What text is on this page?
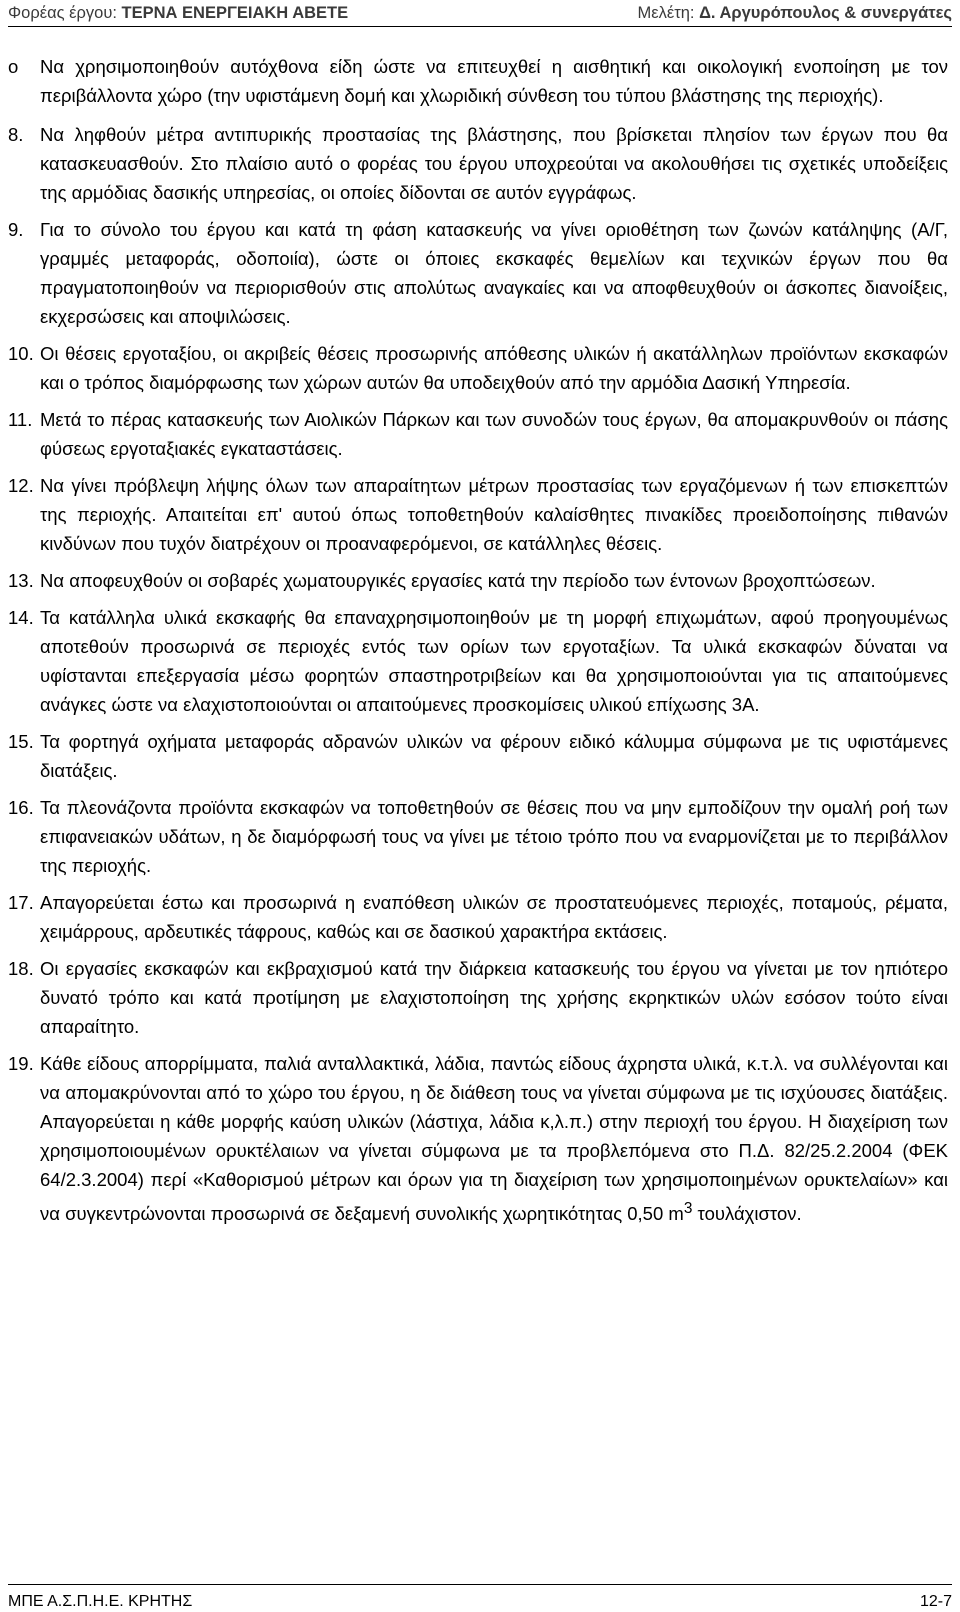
Φορέας έργου: ΤΕΡΝΑ ΕΝΕΡΓΕΙΑΚΗ ΑΒΕΤΕ	Μελέτη: Δ. Αργυρόπουλος & συνεργάτες
o Να χρησιμοποιηθούν αυτόχθονα είδη ώστε να επιτευχθεί η αισθητική και οικολογική ενοποίηση με τον περιβάλλοντα χώρο (την υφιστάμενη δομή και χλωριδική σύνθεση του τύπου βλάστησης της περιοχής).
8. Να ληφθούν μέτρα αντιπυρικής προστασίας της βλάστησης, που βρίσκεται πλησίον των έργων που θα κατασκευασθούν. Στο πλαίσιο αυτό ο φορέας του έργου υποχρεούται να ακολουθήσει τις σχετικές υποδείξεις της αρμόδιας δασικής υπηρεσίας, οι οποίες δίδονται σε αυτόν εγγράφως.
9. Για το σύνολο του έργου και κατά τη φάση κατασκευής να γίνει οριοθέτηση των ζωνών κατάληψης (Α/Γ, γραμμές μεταφοράς, οδοποιία), ώστε οι όποιες εκσκαφές θεμελίων και τεχνικών έργων που θα πραγματοποιηθούν να περιορισθούν στις απολύτως αναγκαίες και να αποφθευχθούν οι άσκοπες διανοίξεις, εκχερσώσεις και αποψιλώσεις.
10. Οι θέσεις εργοταξίου, οι ακριβείς θέσεις προσωρινής απόθεσης υλικών ή ακατάλληλων προϊόντων εκσκαφών και ο τρόπος διαμόρφωσης των χώρων αυτών θα υποδειχθούν από την αρμόδια Δασική Υπηρεσία.
11. Μετά το πέρας κατασκευής των Αιολικών Πάρκων και των συνοδών τους έργων, θα απομακρυνθούν οι πάσης φύσεως εργοταξιακές εγκαταστάσεις.
12. Να γίνει πρόβλεψη λήψης όλων των απαραίτητων μέτρων προστασίας των εργαζόμενων ή των επισκεπτών της περιοχής. Απαιτείται επ' αυτού όπως τοποθετηθούν καλαίσθητες πινακίδες προειδοποίησης πιθανών κινδύνων που τυχόν διατρέχουν οι προαναφερόμενοι, σε κατάλληλες θέσεις.
13. Να αποφευχθούν οι σοβαρές χωματουργικές εργασίες κατά την περίοδο των έντονων βροχοπτώσεων.
14. Τα κατάλληλα υλικά εκσκαφής θα επαναχρησιμοποιηθούν με τη μορφή επιχωμάτων, αφού προηγουμένως αποτεθούν προσωρινά σε περιοχές εντός των ορίων των εργοταξίων. Τα υλικά εκσκαφών δύναται να υφίστανται επεξεργασία μέσω φορητών σπαστηροτριβείων και θα χρησιμοποιούνται για τις απαιτούμενες ανάγκες ώστε να ελαχιστοποιούνται οι απαιτούμενες προσκομίσεις υλικού επίχωσης 3Α.
15. Τα φορτηγά οχήματα μεταφοράς αδρανών υλικών να φέρουν ειδικό κάλυμμα σύμφωνα με τις υφιστάμενες διατάξεις.
16. Τα πλεονάζοντα προϊόντα εκσκαφών να τοποθετηθούν σε θέσεις που να μην εμποδίζουν την ομαλή ροή των επιφανειακών υδάτων, η δε διαμόρφωσή τους να γίνει με τέτοιο τρόπο που να εναρμονίζεται με το περιβάλλον της περιοχής.
17. Απαγορεύεται έστω και προσωρινά η εναπόθεση υλικών σε προστατευόμενες περιοχές, ποταμούς, ρέματα, χειμάρρους, αρδευτικές τάφρους, καθώς και σε δασικού χαρακτήρα εκτάσεις.
18. Οι εργασίες εκσκαφών και εκβραχισμού κατά την διάρκεια κατασκευής του έργου να γίνεται με τον ηπιότερο δυνατό τρόπο και κατά προτίμηση με ελαχιστοποίηση της χρήσης εκρηκτικών υλών εσόσον τούτο είναι απαραίτητο.
19. Κάθε είδους απορρίμματα, παλιά ανταλλακτικά, λάδια, παντώς είδους άχρηστα υλικά, κ.τ.λ. να συλλέγονται και να απομακρύνονται από το χώρο του έργου, η δε διάθεση τους να γίνεται σύμφωνα με τις ισχύουσες διατάξεις. Απαγορεύεται η κάθε μορφής καύση υλικών (λάστιχα, λάδια κ,λ.π.) στην περιοχή του έργου. Η διαχείριση των χρησιμοποιουμένων ορυκτέλαιων να γίνεται σύμφωνα με τα προβλεπόμενα στο Π.Δ. 82/25.2.2004 (ΦΕΚ 64/2.3.2004) περί «Καθορισμού μέτρων και όρων για τη διαχείριση των χρησιμοποιημένων ορυκτελαίων» και να συγκεντρώνονται προσωρινά σε δεξαμενή συνολικής χωρητικότητας 0,50 $m^3$ τουλάχιστον.
ΜΠΕ Α.Σ.Π.Η.Ε. ΚΡΗΤΗΣ	12-7
